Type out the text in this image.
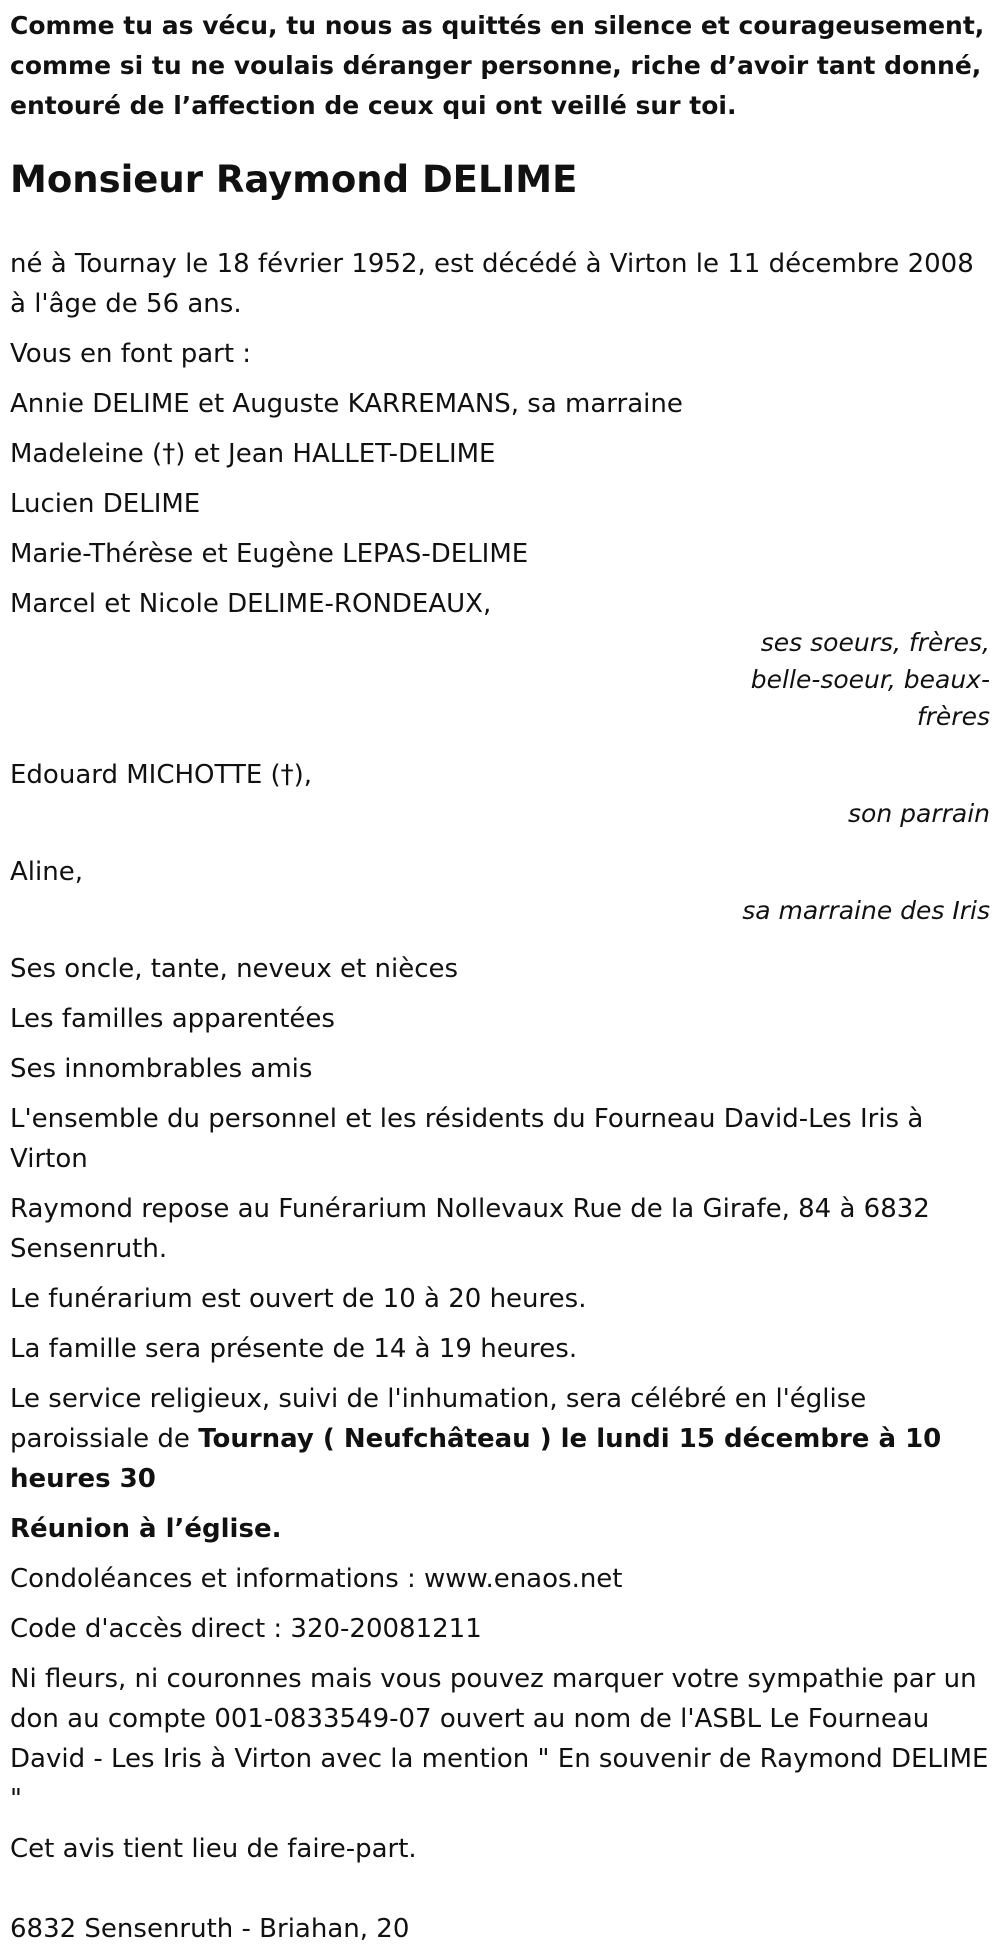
Comme tu as vécu, tu nous as quittés en silence et courageusement, comme si tu ne voulais déranger personne, riche d’avoir tant donné, entouré de l’affection de ceux qui ont veillé sur toi.
Monsieur Raymond DELIME
né à Tournay le 18 février 1952, est décédé à Virton le 11 décembre 2008 à l'âge de 56 ans.
Vous en font part :
Annie DELIME et Auguste KARREMANS, sa marraine
Madeleine (†) et Jean HALLET-DELIME
Lucien DELIME
Marie-Thérèse et Eugène LEPAS-DELIME
Marcel et Nicole DELIME-RONDEAUX,
ses soeurs, frères, belle-soeur, beaux-frères
Edouard MICHOTTE (†),
son parrain
Aline,
sa marraine des Iris
Ses oncle, tante, neveux et nièces
Les familles apparentées
Ses innombrables amis
L'ensemble du personnel et les résidents du Fourneau David-Les Iris à Virton
Raymond repose au Funérarium Nollevaux Rue de la Girafe, 84 à 6832 Sensenruth.
Le funérarium est ouvert de 10 à 20 heures.
La famille sera présente de 14 à 19 heures.
Le service religieux, suivi de l'inhumation, sera célébré en l'église paroissiale de Tournay ( Neufchâteau ) le lundi 15 décembre à 10 heures 30
Réunion à l’église.
Condoléances et informations : www.enaos.net
Code d'accès direct : 320-20081211
Ni fleurs, ni couronnes mais vous pouvez marquer votre sympathie par un don au compte 001-0833549-07 ouvert au nom de l'ASBL Le Fourneau David - Les Iris à Virton avec la mention " En souvenir de Raymond DELIME "
Cet avis tient lieu de faire-part.
6832 Sensenruth - Briahan, 20
